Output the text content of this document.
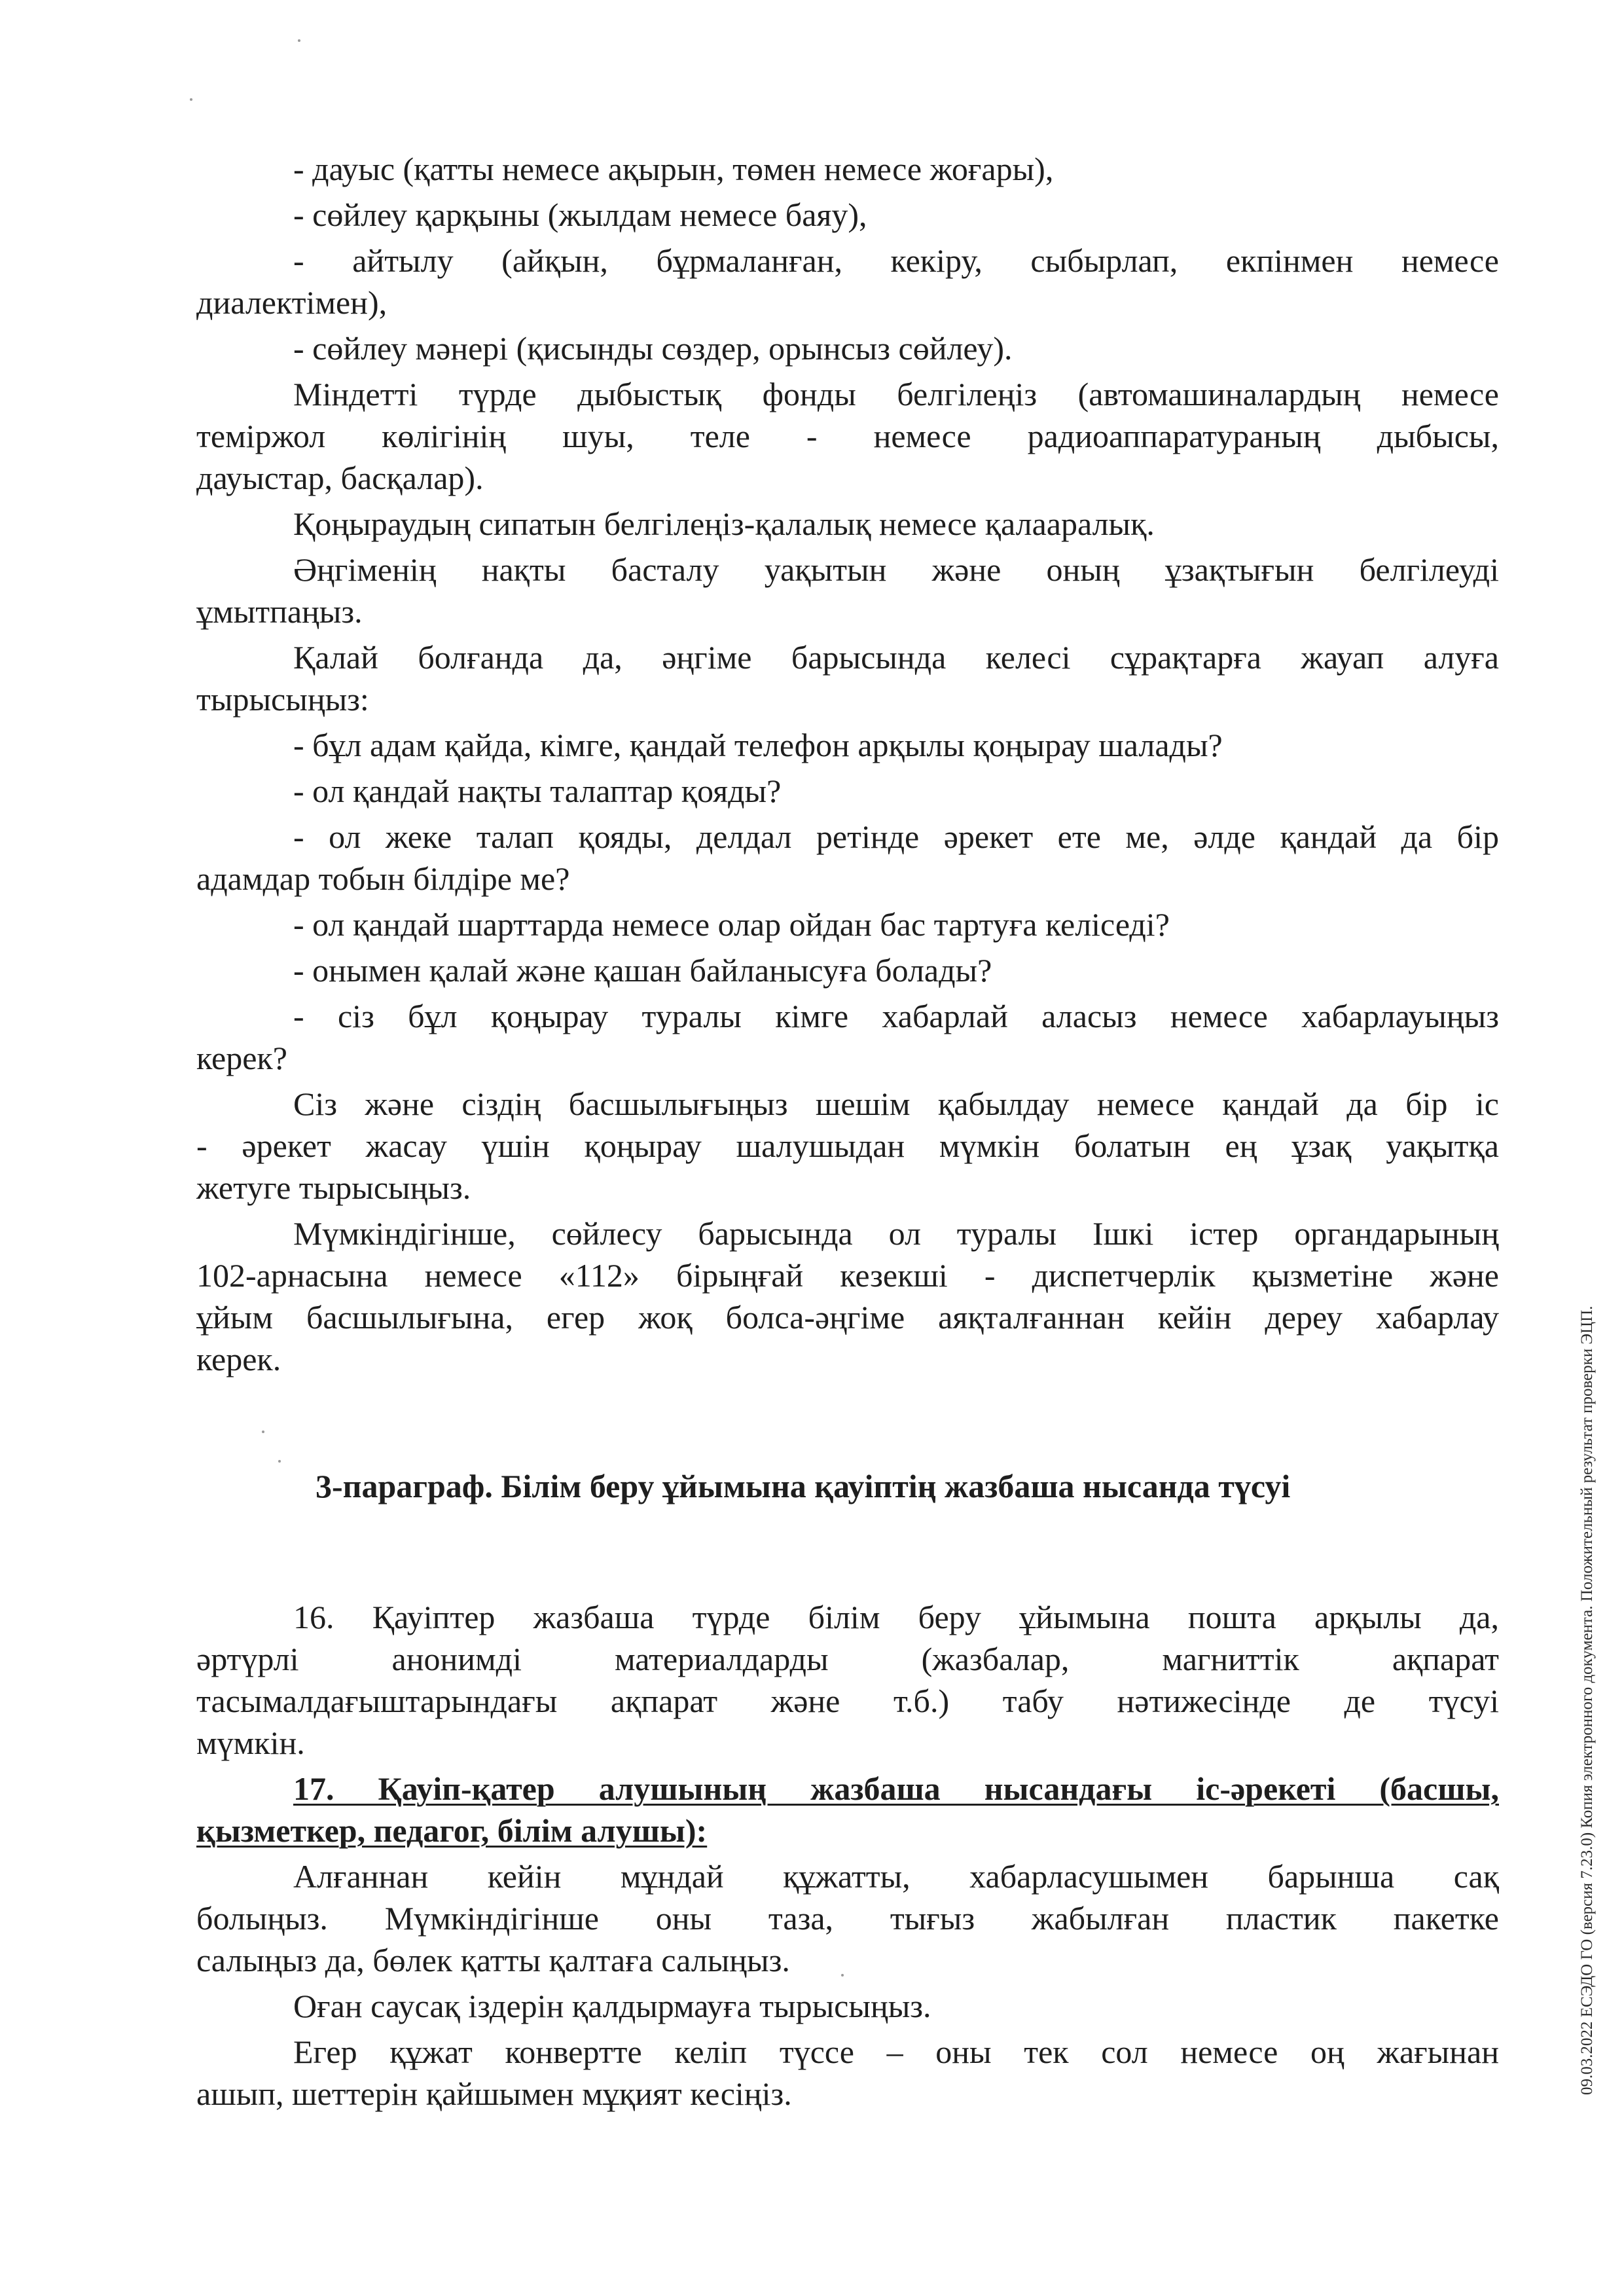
- дауыс (қатты немесе ақырын, төмен немесе жоғары),
- сөйлеу қарқыны (жылдам немесе баяу),
- айтылу (айқын, бұрмаланған, кекіру, сыбырлап, екпінмен немесе
диалектімен),
- сөйлеу мәнері (қисынды сөздер, орынсыз сөйлеу).
Міндетті түрде дыбыстық фонды белгілеңіз (автомашиналардың немесе
теміржол көлігінің шуы, теле - немесе радиоаппаратураның дыбысы,
дауыстар, басқалар).
Қоңыраудың сипатын белгілеңіз-қалалық немесе қалааралық.
Әңгіменің нақты басталу уақытын және оның ұзақтығын белгілеуді
ұмытпаңыз.
Қалай болғанда да, әңгіме барысында келесі сұрақтарға жауап алуға
тырысыңыз:
- бұл адам қайда, кімге, қандай телефон арқылы қоңырау шалады?
- ол қандай нақты талаптар қояды?
- ол жеке талап қояды, делдал ретінде әрекет ете ме, әлде қандай да бір
адамдар тобын білдіре ме?
- ол қандай шарттарда немесе олар ойдан бас тартуға келіседі?
- онымен қалай және қашан байланысуға болады?
- сіз бұл қоңырау туралы кімге хабарлай аласыз немесе хабарлауыңыз
керек?
Сіз және сіздің басшылығыңыз шешім қабылдау немесе қандай да бір іс
- әрекет жасау үшін қоңырау шалушыдан мүмкін болатын ең ұзақ уақытқа
жетуге тырысыңыз.
Мүмкіндігінше, сөйлесу барысында ол туралы Ішкі істер органдарының
102-арнасына немесе «112» бірыңғай кезекші - диспетчерлік қызметіне және
ұйым басшылығына, егер жоқ болса-әңгіме аяқталғаннан кейін дереу хабарлау
керек.
3-параграф. Білім беру ұйымына қауіптің жазбаша нысанда түсуі
16. Қауіптер жазбаша түрде білім беру ұйымына пошта арқылы да,
әртүрлі анонимді материалдарды (жазбалар, магниттік ақпарат
тасымалдағыштарындағы ақпарат және т.б.) табу нәтижесінде де түсуі
мүмкін.
17. Қауіп-қатер алушының жазбаша нысандағы іс-әрекеті (басшы,
қызметкер, педагог, білім алушы):
Алғаннан кейін мұндай құжатты, хабарласушымен барынша сақ
болыңыз. Мүмкіндігінше оны таза, тығыз жабылған пластик пакетке
салыңыз да, бөлек қатты қалтаға салыңыз.
Оған саусақ іздерін қалдырмауға тырысыңыз.
Егер құжат конвертте келіп түссе – оны тек сол немесе оң жағынан
ашып, шеттерін қайшымен мұқият кесіңіз.	09.03.2022 ЕСЭДО ГО (версия 7.23.0) Копия электронного документа. Положительный результат проверки ЭЦП.
